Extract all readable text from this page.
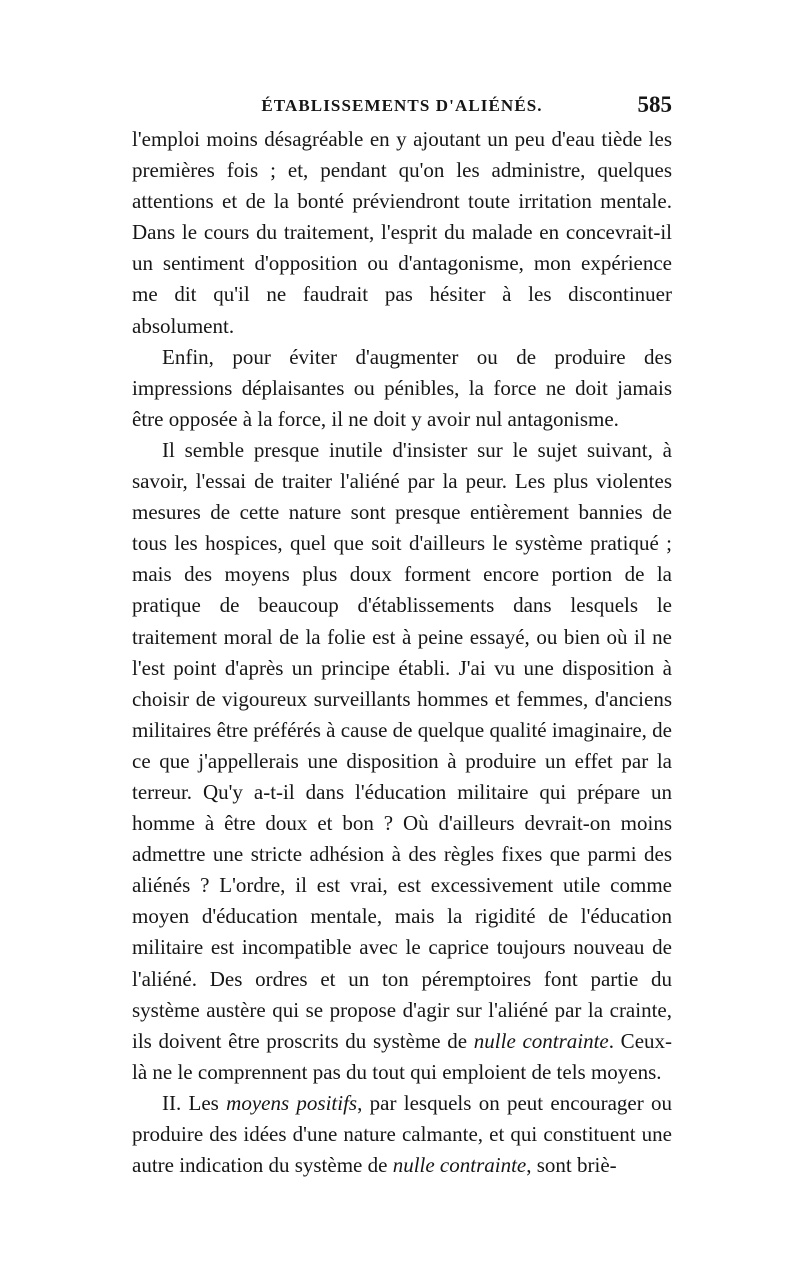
ÉTABLISSEMENTS D'ALIÉNÉS.	585

l'emploi moins désagréable en y ajoutant un peu d'eau tiède les premières fois ; et, pendant qu'on les administre, quelques attentions et de la bonté préviendront toute irritation mentale. Dans le cours du traitement, l'esprit du malade en concevrait-il un sentiment d'opposition ou d'antagonisme, mon expérience me dit qu'il ne faudrait pas hésiter à les discontinuer absolument.

Enfin, pour éviter d'augmenter ou de produire des impressions déplaisantes ou pénibles, la force ne doit jamais être opposée à la force, il ne doit y avoir nul antagonisme.

Il semble presque inutile d'insister sur le sujet suivant, à savoir, l'essai de traiter l'aliéné par la peur. Les plus violentes mesures de cette nature sont presque entièrement bannies de tous les hospices, quel que soit d'ailleurs le système pratiqué ; mais des moyens plus doux forment encore portion de la pratique de beaucoup d'établissements dans lesquels le traitement moral de la folie est à peine essayé, ou bien où il ne l'est point d'après un principe établi. J'ai vu une disposition à choisir de vigoureux surveillants hommes et femmes, d'anciens militaires être préférés à cause de quelque qualité imaginaire, de ce que j'appellerais une disposition à produire un effet par la terreur. Qu'y a-t-il dans l'éducation militaire qui prépare un homme à être doux et bon ? Où d'ailleurs devrait-on moins admettre une stricte adhésion à des règles fixes que parmi des aliénés ? L'ordre, il est vrai, est excessivement utile comme moyen d'éducation mentale, mais la rigidité de l'éducation militaire est incompatible avec le caprice toujours nouveau de l'aliéné. Des ordres et un ton péremptoires font partie du système austère qui se propose d'agir sur l'aliéné par la crainte, ils doivent être proscrits du système de nulle contrainte. Ceux-là ne le comprennent pas du tout qui emploient de tels moyens.

II. Les moyens positifs, par lesquels on peut encourager ou produire des idées d'une nature calmante, et qui constituent une autre indication du système de nulle contrainte, sont briè-
